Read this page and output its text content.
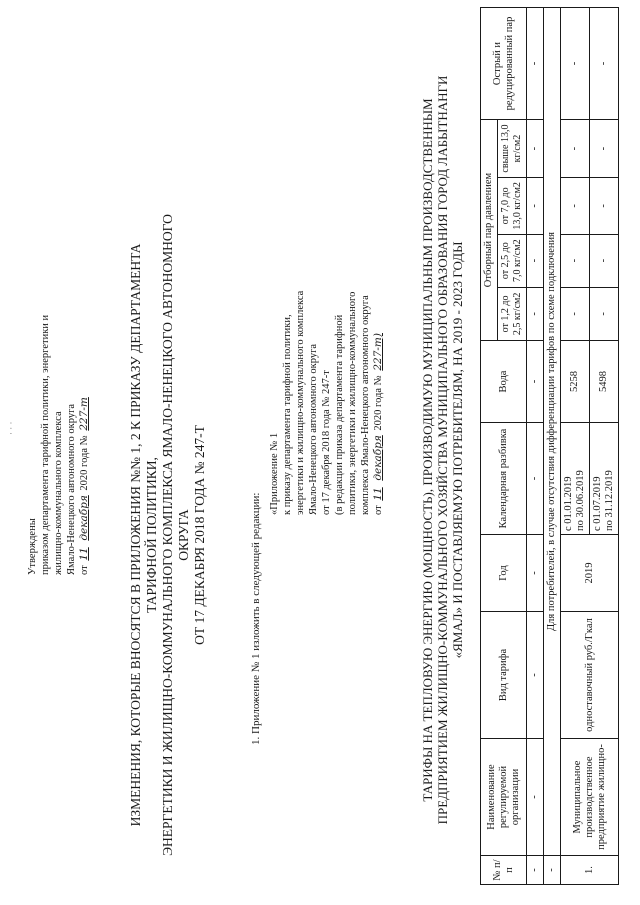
· · ·
Утверждены приказом департамента тарифной политики, энергетики и жилищно-коммунального комплекса Ямало-Ненецкого автономного округа от 11 декабря 2020 года № 227-т	ИЗМЕНЕНИЯ, КОТОРЫЕ ВНОСЯТСЯ В ПРИЛОЖЕНИЯ №№ 1, 2 К ПРИКАЗУ ДЕПАРТАМЕНТА ТАРИФНОЙ ПОЛИТИКИ, ЭНЕРГЕТИКИ И ЖИЛИЩНО-КОММУНАЛЬНОГО КОМПЛЕКСА ЯМАЛО-НЕНЕЦКОГО АВТОНОМНОГО ОКРУГА ОТ 17 ДЕКАБРЯ 2018 ГОДА № 247-Т	1. Приложение № 1 изложить в следующей редакции:
«Приложение № 1 к приказу департамента тарифной политики, энергетики и жилищно-коммунального комплекса Ямало-Ненецкого автономного округа от 17 декабря 2018 года № 247-т (в редакции приказа департамента тарифной политики, энергетики и жилищно-коммунального комплекса Ямало-Ненецкого автономного округа от 11 декабря 2020 года № 227-т)	ТАРИФЫ НА ТЕПЛОВУЮ ЭНЕРГИЮ (МОЩНОСТЬ), ПРОИЗВОДИМУЮ МУНИЦИПАЛЬНЫМ ПРОИЗВОДСТВЕННЫМ ПРЕДПРИЯТИЕМ ЖИЛИЩНО-КОММУНАЛЬНОГО ХОЗЯЙСТВА МУНИЦИПАЛЬНОГО ОБРАЗОВАНИЯ ГОРОД ЛАБЫТНАНГИ «ЯМАЛ» И ПОСТАВЛЯЕМУЮ ПОТРЕБИТЕЛЯМ, НА 2019 - 2023 ГОДЫ
№ п/п	Наименование регулируемой организации	Вид тарифа	Год	Календарная разбивка	Вода	Отборный пар давлением				Острый и редуцированный пар
						от 1,2 до 2,5 кг/см2	от 2,5 до 7,0 кг/см2	от 7,0 до 13,0 кг/см2	свыше 13,0 кг/см2	
-	-	-	-	-	-	-	-	-	-	-
-	Для потребителей, в случае отсутствия дифференциации тарифов по схеме подключения									
1.	Муниципальное производственное предприятие жилищно-	одноставочный руб./Гкал	2019	с 01.01.2019 по 30.06.2019	5258	-	-	-	-	-

				с 01.07.2019 по 31.12.2019	5498	-	-	-	-	-
